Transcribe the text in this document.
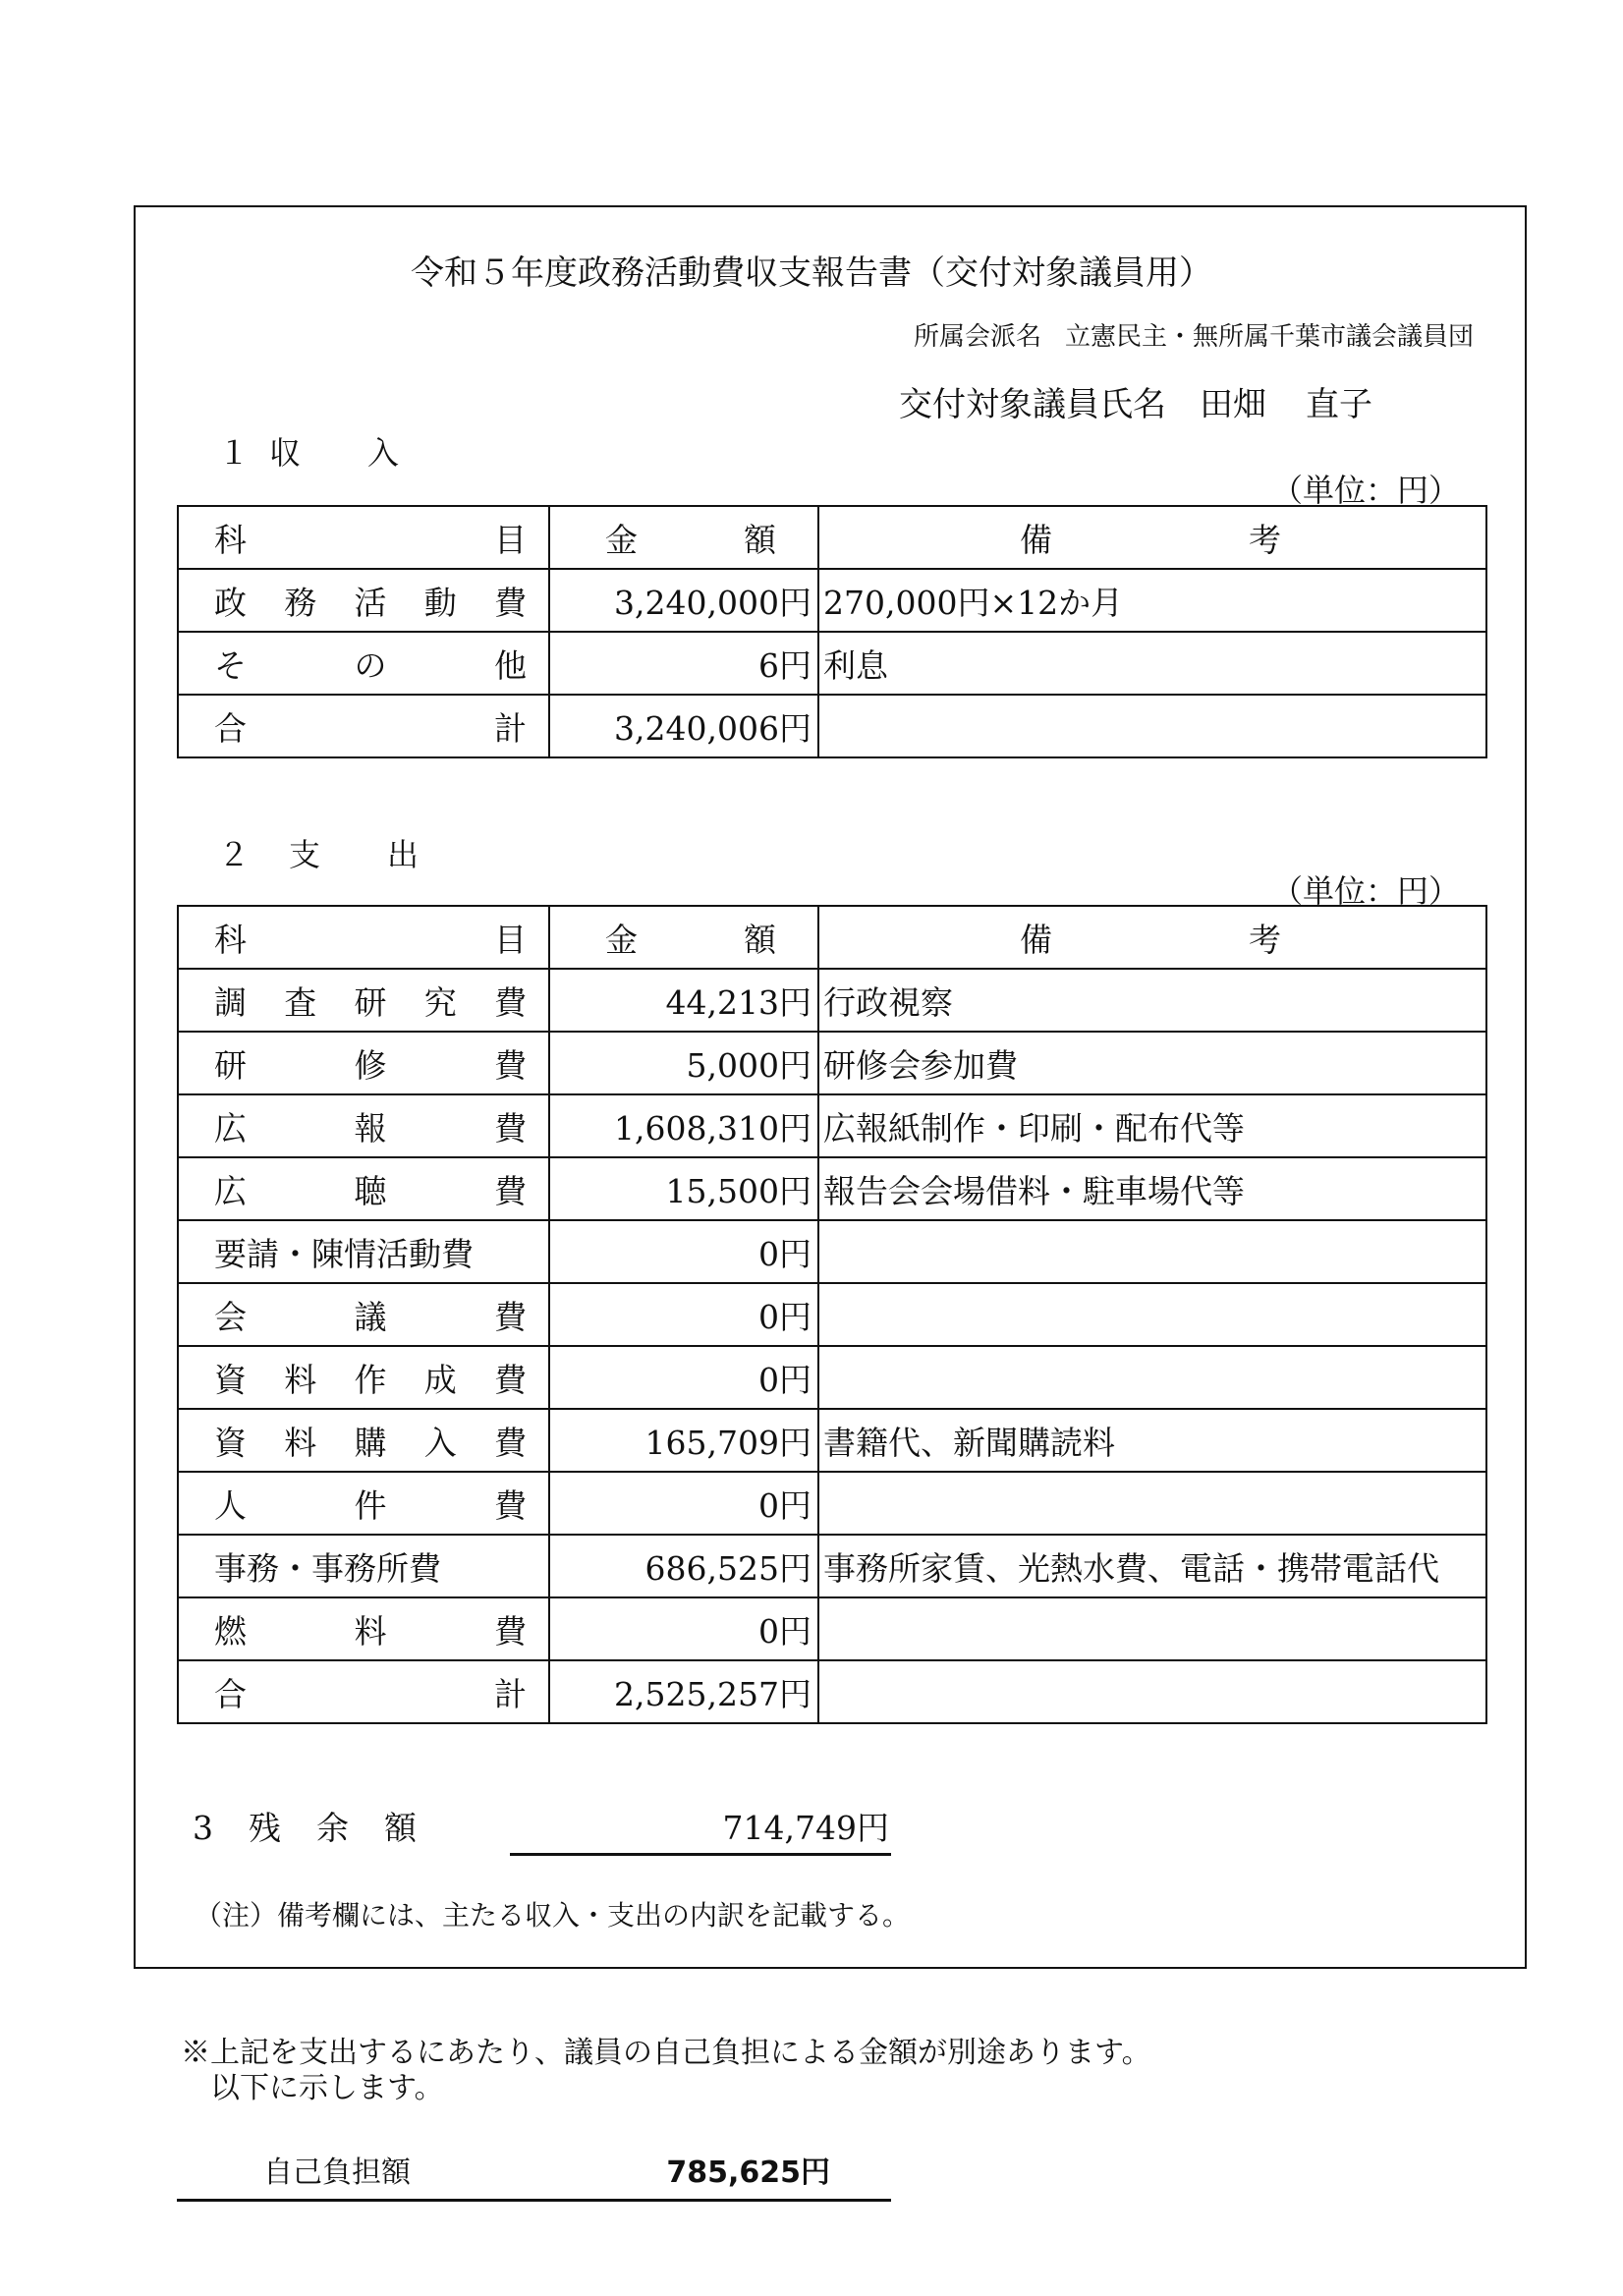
令和５年度政務活動費収支報告書（交付対象議員用）
所属会派名 立憲民主・無所属千葉市議会議員団
交付対象議員氏名 田畑 直子
１ 収 入
（単位：円）
科 目	金 額	備 考

政 務 活 動 費	3,240,000円	270,000円×12か月

そ の 他	6円	利息

合 計	3,240,006円	
２ 支 出
（単位：円）
科 目	金 額	備 考

調 査 研 究 費	44,213円	行政視察

研 修 費	5,000円	研修会参加費

広 報 費	1,608,310円	広報紙制作・印刷・配布代等

広 聴 費	15,500円	報告会会場借料・駐車場代等

要請・陳情活動費	0円	

会 議 費	0円	

資 料 作 成 費	0円	

資 料 購 入 費	165,709円	書籍代、新聞購読料

人 件 費	0円	

事務・事務所費	686,525円	事務所家賃、光熱水費、電話・携帯電話代

燃 料 費	0円	

合 計	2,525,257円	
3 残 余 額	714,749円
（注）備考欄には、主たる収入・支出の内訳を記載する。
※上記を支出するにあたり、議員の自己負担による金額が別途あります。
　以下に示します。
自己負担額	785,625円
